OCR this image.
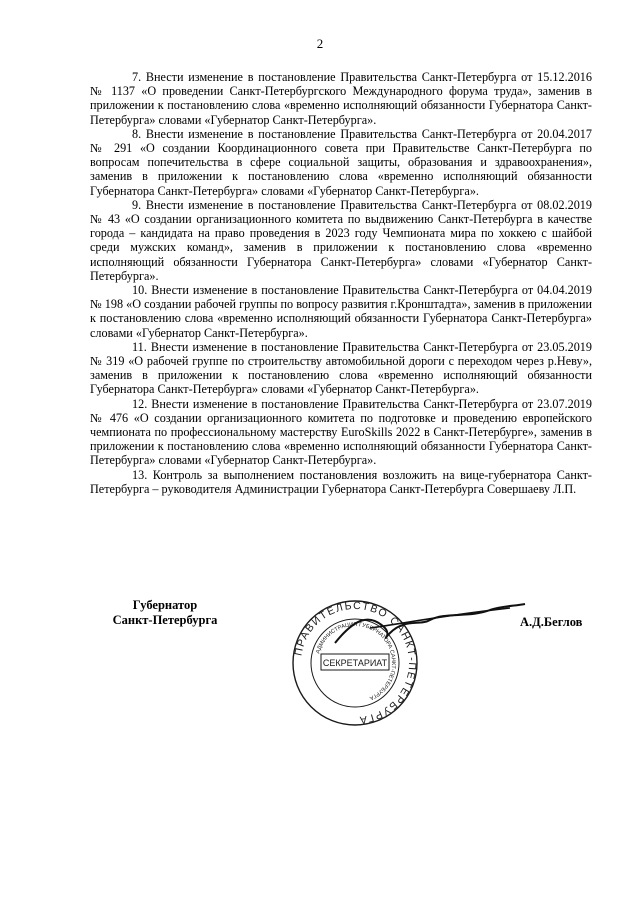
2

7. Внести изменение в постановление Правительства Санкт-Петербурга от 15.12.2016 № 1137 «О проведении Санкт-Петербургского Международного форума труда», заменив в приложении к постановлению слова «временно исполняющий обязанности Губернатора Санкт-Петербурга» словами «Губернатор Санкт-Петербурга».

8. Внести изменение в постановление Правительства Санкт-Петербурга от 20.04.2017 № 291 «О создании Координационного совета при Правительстве Санкт-Петербурга по вопросам попечительства в сфере социальной защиты, образования и здравоохранения», заменив в приложении к постановлению слова «временно исполняющий обязанности Губернатора Санкт-Петербурга» словами «Губернатор Санкт-Петербурга».

9. Внести изменение в постановление Правительства Санкт-Петербурга от 08.02.2019 № 43 «О создании организационного комитета по выдвижению Санкт-Петербурга в качестве города – кандидата на право проведения в 2023 году Чемпионата мира по хоккею с шайбой среди мужских команд», заменив в приложении к постановлению слова «временно исполняющий обязанности Губернатора Санкт-Петербурга» словами «Губернатор Санкт-Петербурга».

10. Внести изменение в постановление Правительства Санкт-Петербурга от 04.04.2019 № 198 «О создании рабочей группы по вопросу развития г.Кронштадта», заменив в приложении к постановлению слова «временно исполняющий обязанности Губернатора Санкт-Петербурга» словами «Губернатор Санкт-Петербурга».

11. Внести изменение в постановление Правительства Санкт-Петербурга от 23.05.2019 № 319 «О рабочей группе по строительству автомобильной дороги с переходом через р.Неву», заменив в приложении к постановлению слова «временно исполняющий обязанности Губернатора Санкт-Петербурга» словами «Губернатор Санкт-Петербурга».

12. Внести изменение в постановление Правительства Санкт-Петербурга от 23.07.2019 № 476 «О создании организационного комитета по подготовке и проведению европейского чемпионата по профессиональному мастерству EuroSkills 2022 в Санкт-Петербурге», заменив в приложении к постановлению слова «временно исполняющий обязанности Губернатора Санкт-Петербурга» словами «Губернатор Санкт-Петербурга».

13. Контроль за выполнением постановления возложить на вице-губернатора Санкт-Петербурга – руководителя Администрации Губернатора Санкт-Петербурга Совершаеву Л.П.

Губернатор
Санкт-Петербурга
ПРАВИТЕЛЬСТВО САНКТ-ПЕТЕРБУРГА
АДМИНИСТРАЦИЯ ГУБЕРНАТОРА САНКТ-ПЕТЕРБУРГА
СЕКРЕТАРИАТ
А.Д.Беглов
